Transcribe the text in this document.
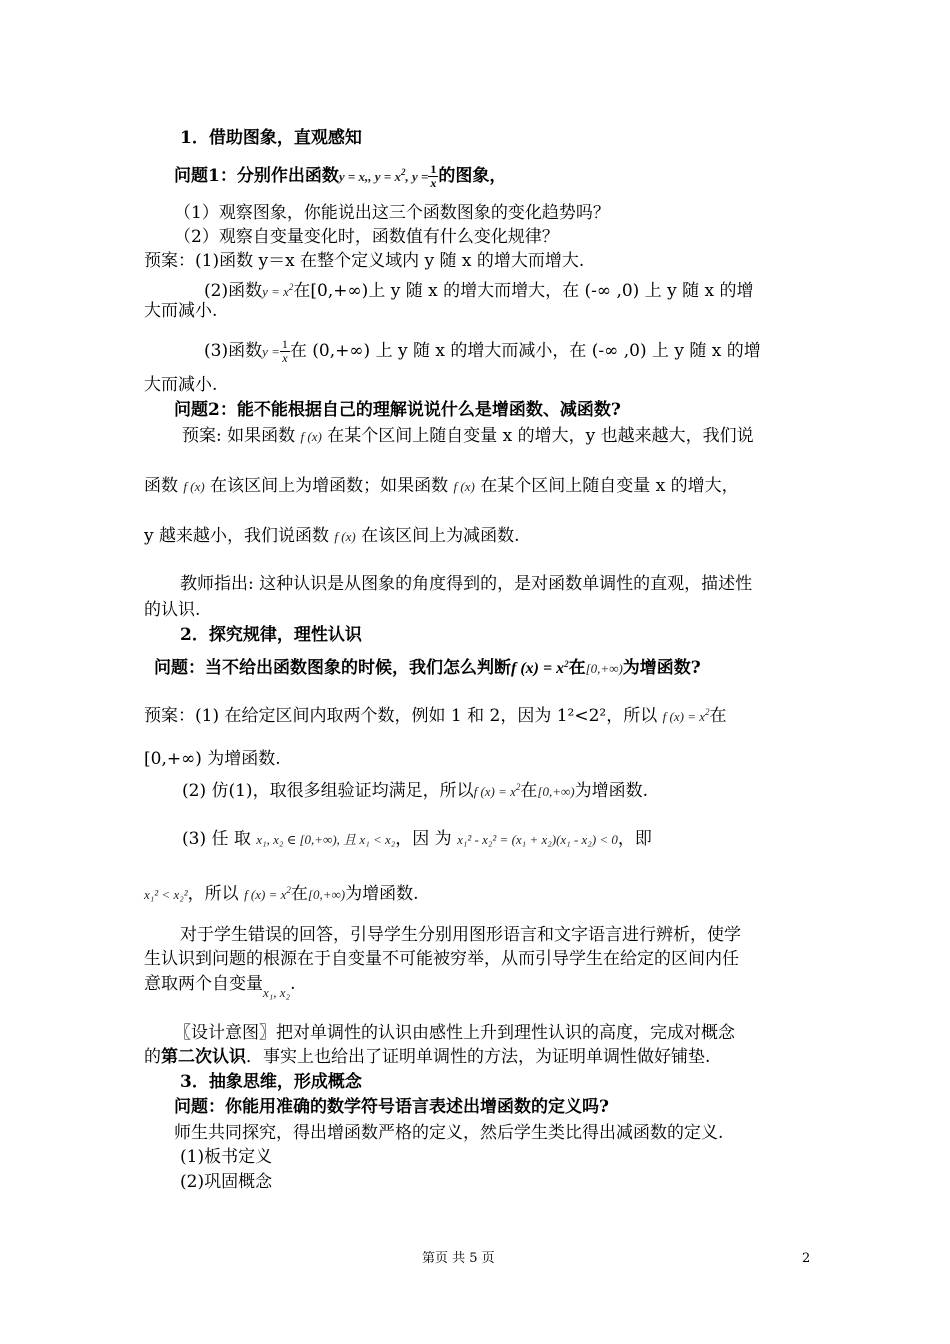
1．借助图象，直观感知
问题1：分别作出函数y = x,, $y = x^2$, $y = \frac{1}{x}$ 的图象，
（1）观察图象，你能说出这三个函数图象的变化趋势吗？
（2）观察自变量变化时，函数值有什么变化规律？
预案：(1)函数 y＝x 在整个定义域内 y 随 x 的增大而增大.
(2)函数$y = x^2$在[0,+∞)上 y 随 x 的增大而增大，在 (-∞ ,0) 上 y 随 x 的增
大而减小.
(3)函数$y = \frac{1}{x}$ 在 (0,+∞) 上 y 随 x 的增大而减小，在 (-∞ ,0) 上 y 随 x 的增
大而减小.
问题2：能不能根据自己的理解说说什么是增函数、减函数?
预案: 如果函数 f (x) 在某个区间上随自变量 x 的增大，y 也越来越大，我们说
函数 f (x) 在该区间上为增函数；如果函数 f (x) 在某个区间上随自变量 x 的增大，
y 越来越小，我们说函数 f (x) 在该区间上为减函数.
教师指出: 这种认识是从图象的角度得到的，是对函数单调性的直观，描述性
的认识.
2．探究规律，理性认识
问题：当不给出函数图象的时候，我们怎么判断f $(x) = x^2$在[0,+∞)为增函数?
预案：(1) 在给定区间内取两个数，例如 1 和 2，因为 1²<2²，所以 f $(x) = x^2$在
[0,+∞) 为增函数.
(2) 仿(1)，取很多组验证均满足，所以f $(x) = x^2$在[0,+∞)为增函数.
(3) 任 取 x₁, x₂ ∈ [0,+∞), 且 x₁ < x₂，因 为 x₁² - x₂² = (x₁ + x₂)(x₁ - x₂) < 0，即
x₁² < x₂²，所以 f $(x) = x^2$在[0,+∞)为增函数.
对于学生错误的回答，引导学生分别用图形语言和文字语言进行辨析，使学
生认识到问题的根源在于自变量不可能被穷举，从而引导学生在给定的区间内任
意取两个自变量$_{x_1, x_2}$.
〖设计意图〗把对单调性的认识由感性上升到理性认识的高度，完成对概念
的第二次认识．事实上也给出了证明单调性的方法，为证明单调性做好铺垫.
3．抽象思维，形成概念
问题：你能用准确的数学符号语言表述出增函数的定义吗?
师生共同探究，得出增函数严格的定义，然后学生类比得出减函数的定义.
(1)板书定义
(2)巩固概念
第页 共 5 页	2
